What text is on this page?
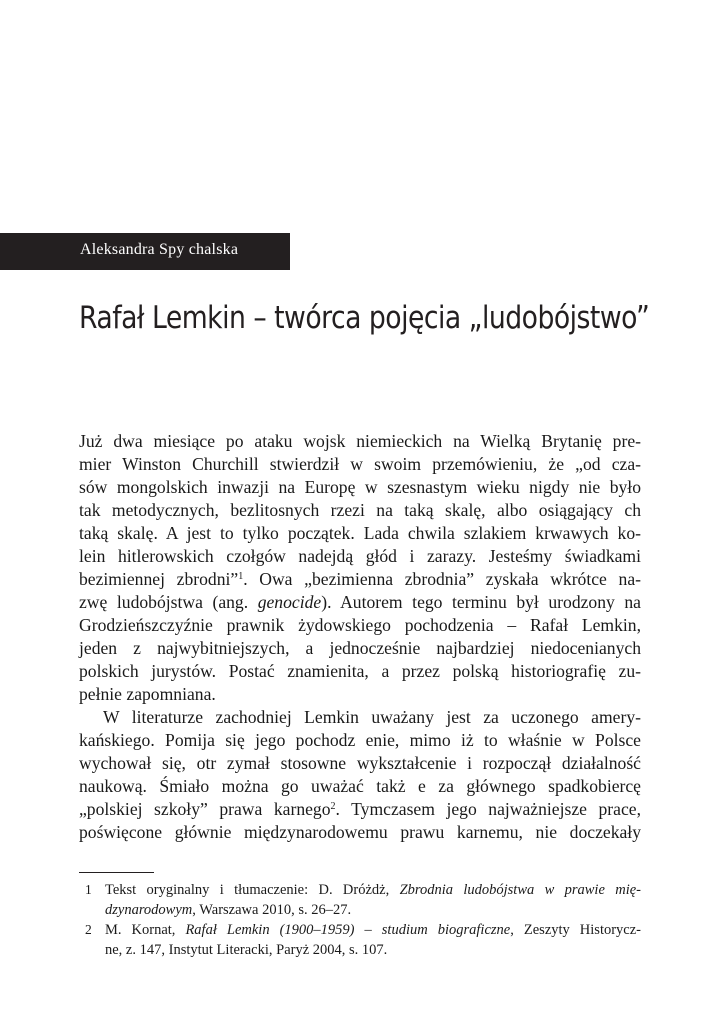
Aleksandra Spy chalska
Rafał Lemkin – twórca pojęcia „ludobójstwo”
Już dwa miesiące po ataku wojsk niemieckich na Wielką Brytanię pre-
mier Winston Churchill stwierdził w swoim przemówieniu, że „od cza-
sów mongolskich inwazji na Europę w szesnastym wieku nigdy nie było
tak metodycznych, bezlitosnych rzezi na taką skalę, albo osiągający ch
taką skalę. A jest to tylko początek. Lada chwila szlakiem krwawych ko-
lein hitlerowskich czołgów nadejdą głód i zarazy. Jesteśmy świadkami
bezimiennej zbrodni”$^1$. Owa „bezimienna zbrodnia” zyskała wkrótce na-
zwę ludobójstwa (ang. genocide). Autorem tego terminu był urodzony na
Grodzieńszczyźnie prawnik żydowskiego pochodzenia – Rafał Lemkin,
jeden z najwybitniejszych, a jednocześnie najbardziej niedocenianych
polskich jurystów. Postać znamienita, a przez polską historiografię zu-
pełnie zapomniana.
W literaturze zachodniej Lemkin uważany jest za uczonego amery-
kańskiego. Pomija się jego pochodz enie, mimo iż to właśnie w Polsce
wychował się, otr zymał stosowne wykształcenie i rozpoczął działalność
naukową. Śmiało można go uważać takż e za głównego spadkobiercę
„polskiej szkoły” prawa karnego$^2$. Tymczasem jego najważniejsze prace,
poświęcone głównie międzynarodowemu prawu karnemu, nie doczekały
1 Tekst oryginalny i tłumaczenie: D. Dróżdż, Zbrodnia ludobójstwa w prawie mię-
dzynarodowym, Warszawa 2010, s. 26–27.
2 M. Kornat, Rafał Lemkin (1900–1959) – studium biograficzne, Zeszyty Historycz-
ne, z. 147, Instytut Literacki, Paryż 2004, s. 107.
